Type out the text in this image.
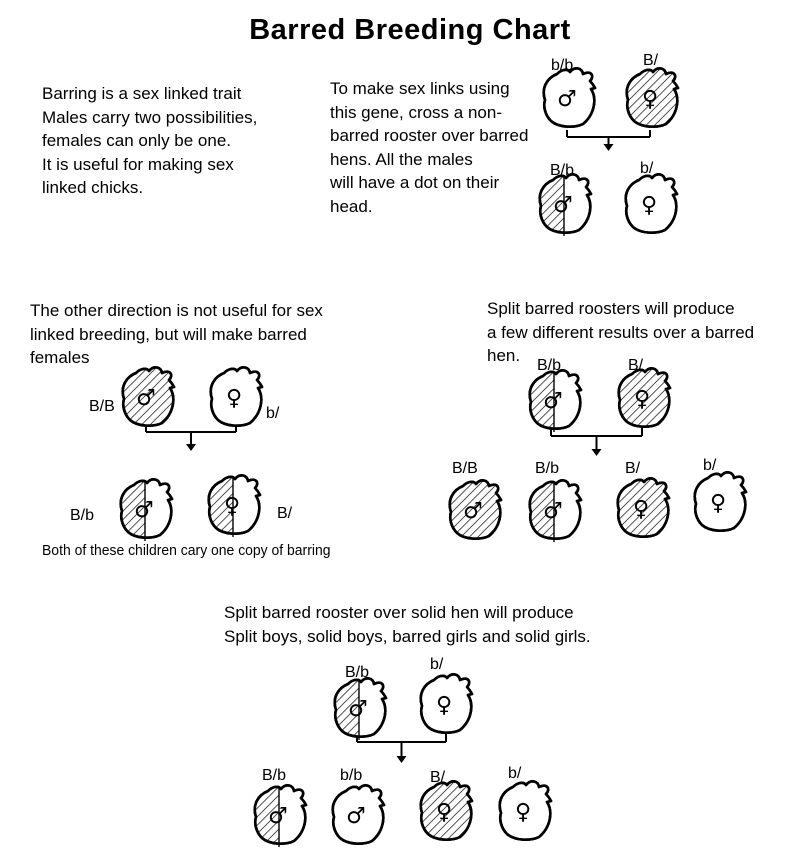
Barred Breeding Chart
Barring is a sex linked trait
Males carry two possibilities,
females can only be one.
It is useful for making sex
linked chicks.
To make sex links using
this gene, cross a non-
barred rooster over barred
hens. All the males
will have a dot on their
head.
The other direction is not useful for sex
linked breeding, but will make barred
females
Split barred roosters will produce
a few different results over a barred
hen.
Both of these children cary one copy of barring
Split barred rooster over solid hen will produce
Split boys, solid boys, barred girls and solid girls.
♂
b/b
♀
B/
♂
B/b
♀
b/
♂
B/B	♀
b/
♂
B/b	♀ B/
♂
B/b
♀
B/
♂
B/B
♂
B/b
♀
B/
♀
b/
♂
B/b
♀
b/
♂
B/b
♂
b/b
♀
B/
♀
b/
